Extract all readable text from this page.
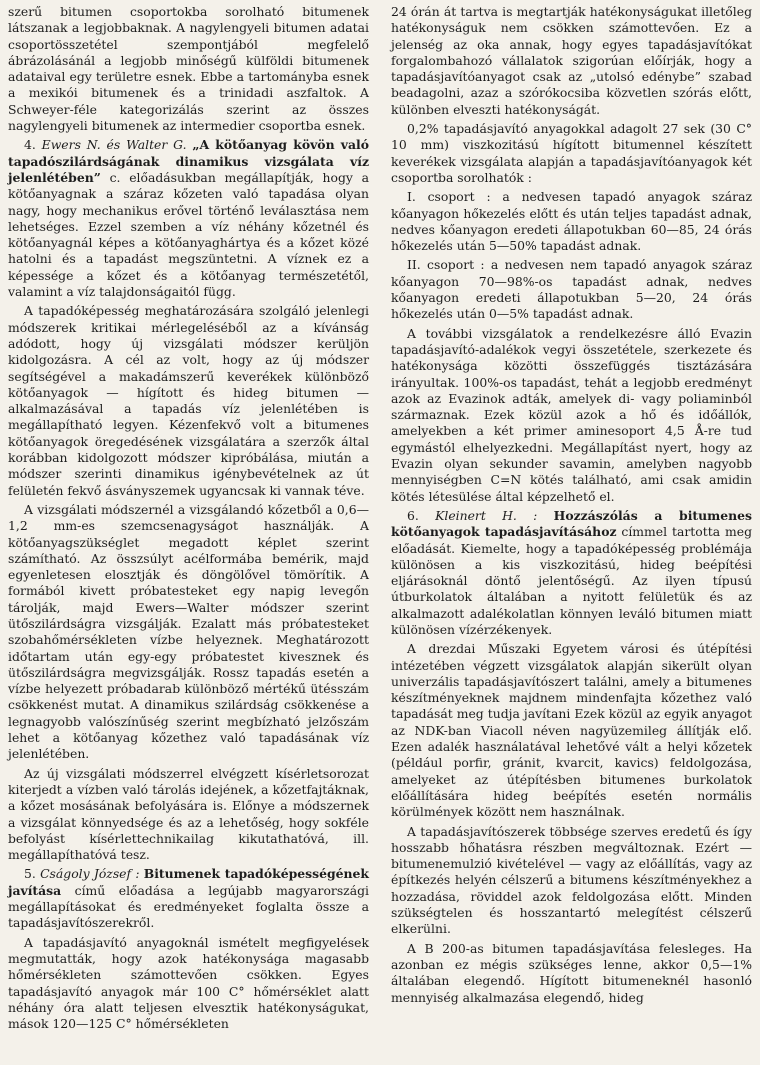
szerű bitumen csoportokba sorolható bitumenek látszanak a legjobbaknak. A nagylengyeli bitumen adatai csoportösszetétel szempontjából megfelelő ábrázolásánál a legjobb minőségű külföldi bitumenek adataival egy területre esnek. Ebbe a tartományba esnek a mexikói bitumenek és a trinidadi aszfaltok. A Schweyer-féle kategorizálás szerint az összes nagylengyeli bitumenek az intermedier csoportba esnek.

4. Ewers N. és Walter G. „A kötőanyag kövön való tapadószilárdságának dinamikus vizsgálata víz jelenlétében” c. előadásukban megállapítják, hogy a kötőanyagnak a száraz kőzeten való tapadása olyan nagy, hogy mechanikus erővel történő leválasztása nem lehetséges. Ezzel szemben a víz néhány kőzetnél és kötőanyagnál képes a kötőanyaghártya és a kőzet közé hatolni és a tapadást megszüntetni. A víznek ez a képessége a kőzet és a kötőanyag természetétől, valamint a víz talajdonságaitól függ.

A tapadóképesség meghatározására szolgáló jelenlegi módszerek kritikai mérlegeléséből az a kívánság adódott, hogy új vizsgálati módszer kerüljön kidolgozásra. A cél az volt, hogy az új módszer segítségével a makadámszerű keverékek különböző kötőanyagok — hígított és hideg bitumen — alkalmazásával a tapadás víz jelenlétében is megállapítható legyen. Kézenfekvő volt a bitumenes kötőanyagok öregedésének vizsgálatára a szerzők által korábban kidolgozott módszer kipróbálása, miután a módszer szerinti dinamikus igénybevételnek az út felületén fekvő ásványszemek ugyancsak ki vannak téve.

A vizsgálati módszernél a vizsgálandó kőzetből a 0,6—1,2 mm-es szemcsenagyságot használják. A kötőanyagszükséglet megadott képlet szerint számítható. Az összsúlyt acélformába bemérik, majd egyenletesen elosztják és döngölővel tömörítik. A formából kivett próbatesteket egy napig levegőn tárolják, majd Ewers—Walter módszer szerint ütőszilárdságra vizsgálják. Ezalatt más próbatesteket szobahőmérsékleten vízbe helyeznek. Meghatározott időtartam után egy-egy próbatestet kivesznek és ütőszilárdságra megvizsgálják. Rossz tapadás esetén a vízbe helyezett próbadarab különböző mértékű ütésszám csökkenést mutat. A dinamikus szilárdság csökkenése a legnagyobb valószínűség szerint megbízható jelzőszám lehet a kötőanyag kőzethez való tapadásának víz jelenlétében.

Az új vizsgálati módszerrel elvégzett kísérletsorozat kiterjedt a vízben való tárolás idejének, a kőzetfajtáknak, a kőzet mosásának befolyására is. Előnye a módszernek a vizsgálat könnyedsége és az a lehetőség, hogy sokféle befolyást kísérlettechnikailag kikutathatóvá, ill. megállapíthatóvá tesz.

5. Cságoly József : Bitumenek tapadóképességének javítása című előadása a legújabb magyarországi megállapításokat és eredményeket foglalta össze a tapadásjavítószerekről.

A tapadásjavító anyagoknál ismételt megfigyelések megmutatták, hogy azok hatékonysága magasabb hőmérsékleten számottevően csökken. Egyes tapadásjavító anyagok már 100 C° hőmérséklet alatt néhány óra alatt teljesen elvesztik hatékonyságukat, mások 120—125 C° hőmérsékleten

24 órán át tartva is megtartják hatékonyságukat illetőleg hatékonyságuk nem csökken számottevően. Ez a jelenség az oka annak, hogy egyes tapadásjavítókat forgalombahozó vállalatok szigorúan előírják, hogy a tapadásjavítóanyagot csak az „utolsó edénybe” szabad beadagolni, azaz a szórókocsiba közvetlen szórás előtt, különben elveszti hatékonyságát.

0,2% tapadásjavító anyagokkal adagolt 27 sek (30 C° 10 mm) viszkozitású hígított bitumennel készített keverékek vizsgálata alapján a tapadásjavítóanyagok két csoportba sorolhatók :

I. csoport : a nedvesen tapadó anyagok száraz kőanyagon hőkezelés előtt és után teljes tapadást adnak, nedves kőanyagon eredeti állapotukban 60—85, 24 órás hőkezelés után 5—50% tapadást adnak.

II. csoport : a nedvesen nem tapadó anyagok száraz kőanyagon 70—98%-os tapadást adnak, nedves kőanyagon eredeti állapotukban 5—20, 24 órás hőkezelés után 0—5% tapadást adnak.

A további vizsgálatok a rendelkezésre álló Evazin tapadásjavító-adalékok vegyi összetétele, szerkezete és hatékonysága közötti összefüggés tisztázására irányultak. 100%-os tapadást, tehát a legjobb eredményt azok az Evazinok adták, amelyek di- vagy poliaminból származnak. Ezek közül azok a hő és időállók, amelyekben a két primer aminesoport 4,5 Å-re tud egymástól elhelyezkedni. Megállapítást nyert, hogy az Evazin olyan sekunder savamin, amelyben nagyobb mennyiségben C=N kötés található, ami csak amidin kötés létesülése által képzelhető el.

6. Kleinert H. : Hozzászólás a bitumenes kötőanyagok tapadásjavításához címmel tartotta meg előadását. Kiemelte, hogy a tapadóképesség problémája különösen a kis viszkozitású, hideg beépítési eljárásoknál döntő jelentőségű. Az ilyen típusú útburkolatok általában a nyitott felületük és az alkalmazott adalékolatlan könnyen leváló bitumen miatt különösen vízérzékenyek.

A drezdai Műszaki Egyetem városi és útépítési intézetében végzett vizsgálatok alapján sikerült olyan univerzális tapadásjavítószert találni, amely a bitumenes készítményeknek majdnem mindenfajta kőzethez való tapadását meg tudja javítani Ezek közül az egyik anyagot az NDK-ban Viacoll néven nagyüzemileg állítják elő. Ezen adalék használatával lehetővé vált a helyi kőzetek (például porfir, gránit, kvarcit, kavics) feldolgozása, amelyeket az útépítésben bitumenes burkolatok előállítására hideg beépítés esetén normális körülmények között nem használnak.

A tapadásjavítószerek többsége szerves eredetű és így hosszabb hőhatásra részben megváltoznak. Ezért — bitumenemulzió kivételével — vagy az előállítás, vagy az építkezés helyén célszerű a bitumens készítményekhez a hozzadása, röviddel azok feldolgozása előtt. Minden szükségtelen és hosszantartó melegítést célszerű elkerülni.

A B 200-as bitumen tapadásjavítása felesleges. Ha azonban ez mégis szükséges lenne, akkor 0,5—1% általában elegendő. Hígított bitumeneknél hasonló mennyiség alkalmazása elegendő, hideg
